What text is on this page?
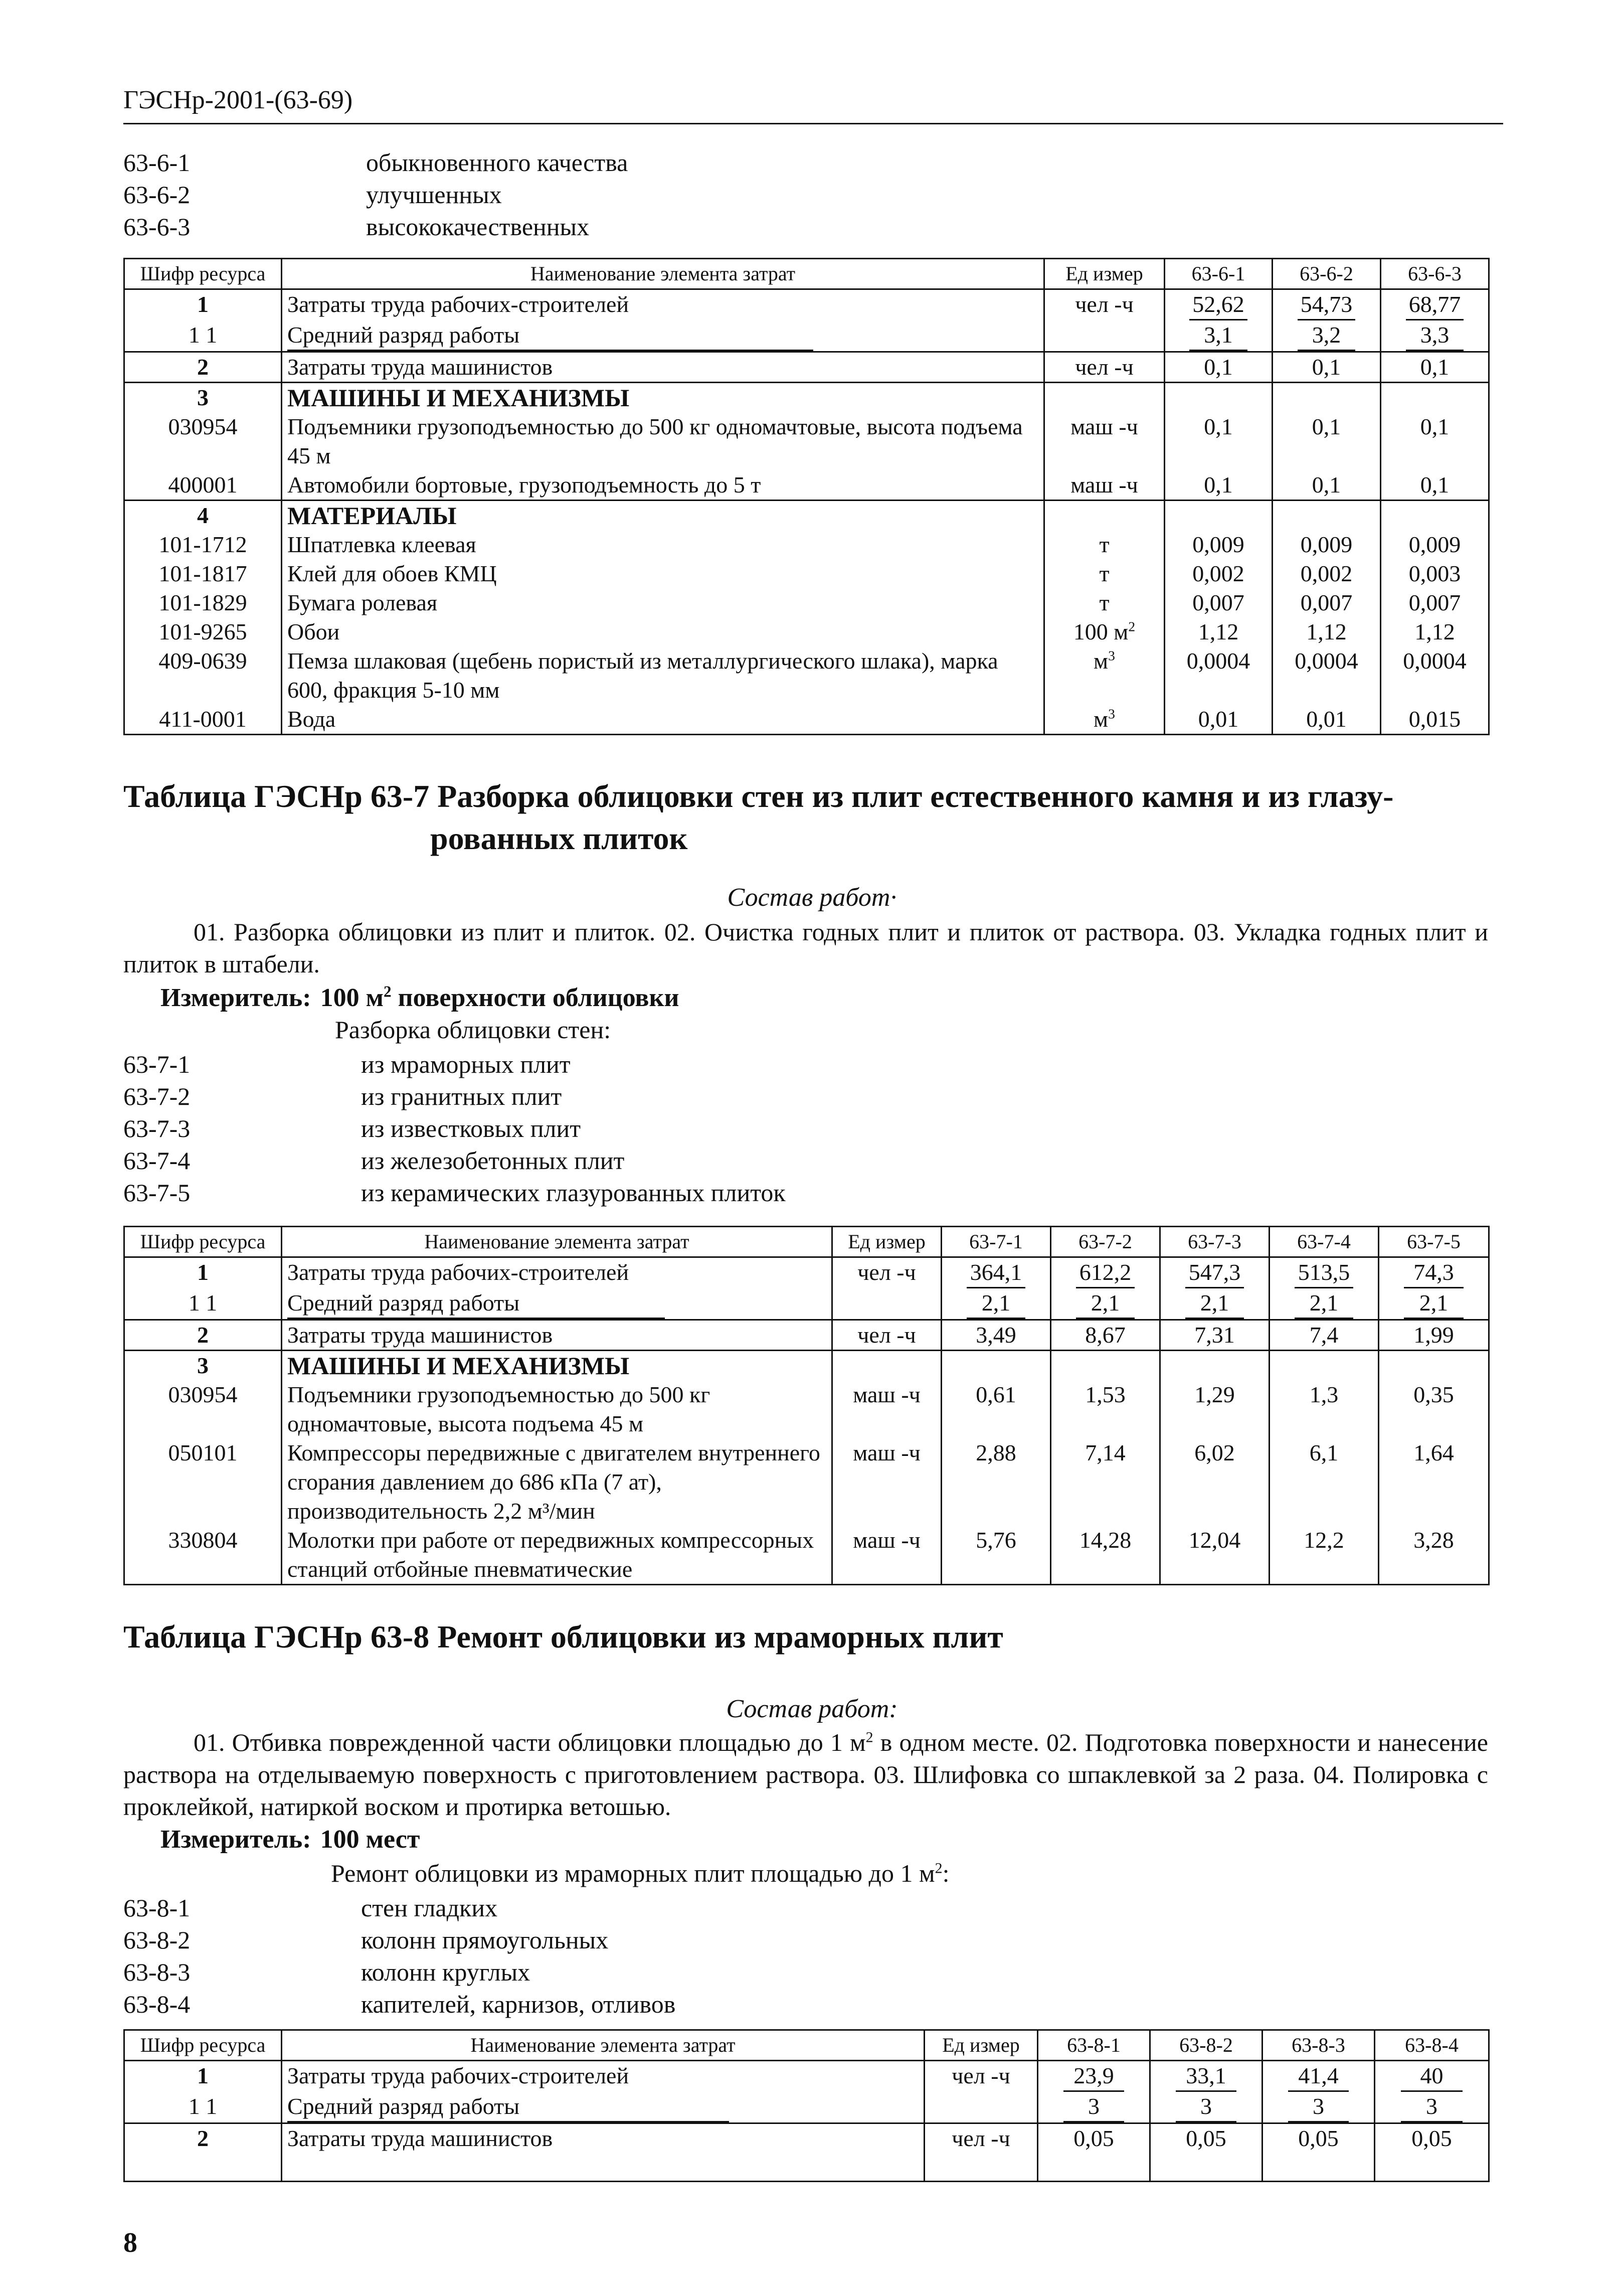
ГЭСНр-2001-(63-69)
63-6-1	обыкновенного качества
63-6-2	улучшенных
63-6-3	высококачественных
Шифр ресурса	Наименование элемента затрат	Ед измер	63-6-1	63-6-2	63-6-3
1	Затраты труда рабочих-строителей	чел -ч	52,62	54,73	68,77
1 1	Средний разряд работы		3,1	3,2	3,3
2	Затраты труда машинистов	чел -ч	0,1	0,1	0,1
3	МАШИНЫ И МЕХАНИЗМЫ				
030954	Подъемники грузоподъемностью до 500 кг одномачтовые, высота подъема 45 м	маш -ч	0,1	0,1	0,1
400001	Автомобили бортовые, грузоподъемность до 5 т	маш -ч	0,1	0,1	0,1
4	МАТЕРИАЛЫ				
101-1712	Шпатлевка клеевая	т	0,009	0,009	0,009
101-1817	Клей для обоев КМЦ	т	0,002	0,002	0,003
101-1829	Бумага ролевая	т	0,007	0,007	0,007
101-9265	Обои	100 $м^2$	1,12	1,12	1,12
409-0639	Пемза шлаковая (щебень пористый из металлургического шлака), марка 600, фракция 5-10 мм	$м^3$	0,0004	0,0004	0,0004
411-0001	Вода	$м^3$	0,01	0,01	0,015
Таблица ГЭСНр 63-7 Разборка облицовки стен из плит естественного камня и из глазу-
рованных плиток
Состав работ·
01. Разборка облицовки из плит и плиток. 02. Очистка годных плит и плиток от раствора. 03. Укладка годных плит и плиток в штабели.
Измеритель: 100 $м^2$ поверхности облицовки
Разборка облицовки стен:
63-7-1	из мраморных плит
63-7-2	из гранитных плит
63-7-3	из известковых плит
63-7-4	из железобетонных плит
63-7-5	из керамических глазурованных плиток
Шифр ресурса	Наименование элемента затрат	Ед измер	63-7-1	63-7-2	63-7-3	63-7-4	63-7-5
1	Затраты труда рабочих-строителей	чел -ч	364,1	612,2	547,3	513,5	74,3
1 1	Средний разряд работы		2,1	2,1	2,1	2,1	2,1
2	Затраты труда машинистов	чел -ч	3,49	8,67	7,31	7,4	1,99
3	МАШИНЫ И МЕХАНИЗМЫ						
030954	Подъемники грузоподъемностью до 500 кг одномачтовые, высота подъема 45 м	маш -ч	0,61	1,53	1,29	1,3	0,35
050101	Компрессоры передвижные с двигателем внутреннего сгорания давлением до 686 кПа (7 ат), производительность 2,2 м³/мин	маш -ч	2,88	7,14	6,02	6,1	1,64
330804	Молотки при работе от передвижных компрессорных станций отбойные пневматические	маш -ч	5,76	14,28	12,04	12,2	3,28
Таблица ГЭСНр 63-8 Ремонт облицовки из мраморных плит
Состав работ:
01. Отбивка поврежденной части облицовки площадью до 1 $м^2$ в одном месте. 02. Подготовка поверхности и нанесение раствора на отделываемую поверхность с приготовлением раствора. 03. Шлифовка со шпаклевкой за 2 раза. 04. Полировка с проклейкой, натиркой воском и протирка ветошью.
Измеритель: 100 мест
Ремонт облицовки из мраморных плит площадью до 1 $м^2$:
63-8-1	стен гладких
63-8-2	колонн прямоугольных
63-8-3	колонн круглых
63-8-4	капителей, карнизов, отливов
Шифр ресурса	Наименование элемента затрат	Ед измер	63-8-1	63-8-2	63-8-3	63-8-4
1	Затраты труда рабочих-строителей	чел -ч	23,9	33,1	41,4	40
1 1	Средний разряд работы		3	3	3	3
2	Затраты труда машинистов	чел -ч	0,05	0,05	0,05	0,05
8
